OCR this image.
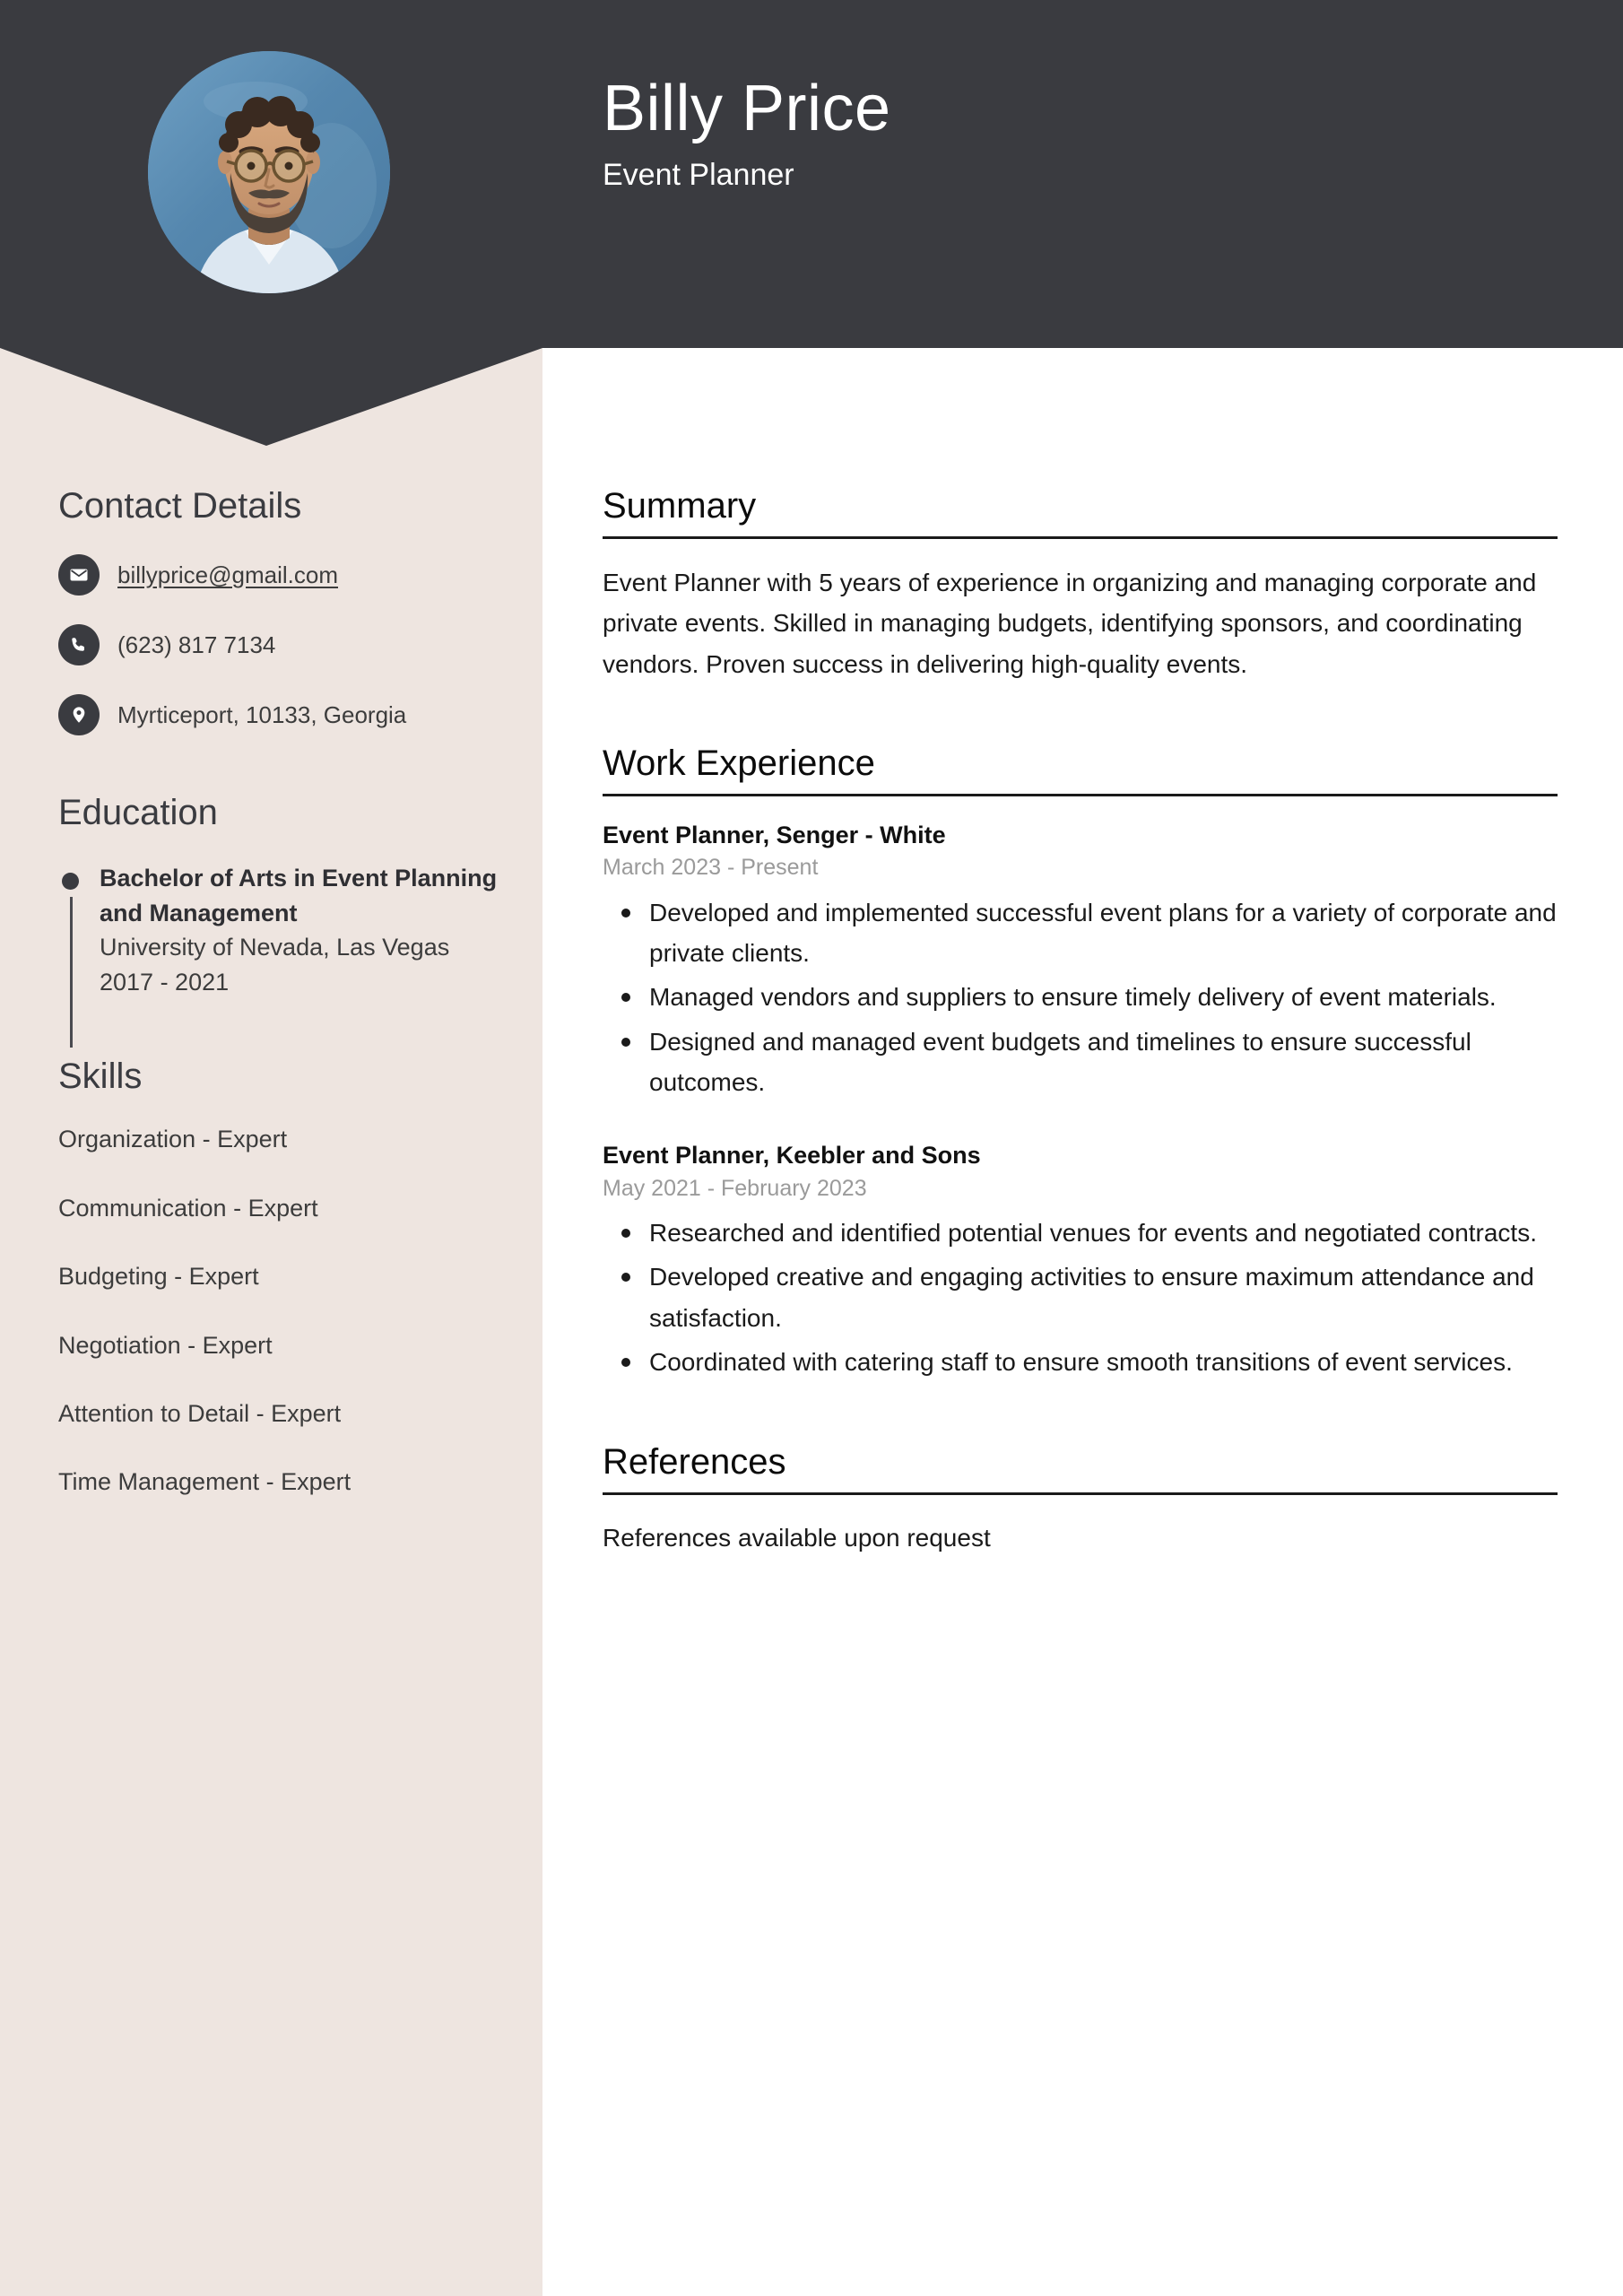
Billy Price
Event Planner
Contact Details
billyprice@gmail.com
(623) 817 7134
Myrticeport, 10133, Georgia
Education
Bachelor of Arts in Event Planning and Management
University of Nevada, Las Vegas
2017 - 2021
Skills
Organization - Expert
Communication - Expert
Budgeting - Expert
Negotiation - Expert
Attention to Detail - Expert
Time Management - Expert
Summary

Event Planner with 5 years of experience in organizing and managing corporate and private events. Skilled in managing budgets, identifying sponsors, and coordinating vendors. Proven success in delivering high-quality events.

Work Experience
Event Planner, Senger - White
March 2023 - Present
Developed and implemented successful event plans for a variety of corporate and private clients.
Managed vendors and suppliers to ensure timely delivery of event materials.
Designed and managed event budgets and timelines to ensure successful outcomes.
Event Planner, Keebler and Sons
May 2021 - February 2023
Researched and identified potential venues for events and negotiated contracts.
Developed creative and engaging activities to ensure maximum attendance and satisfaction.
Coordinated with catering staff to ensure smooth transitions of event services.
References

References available upon request
